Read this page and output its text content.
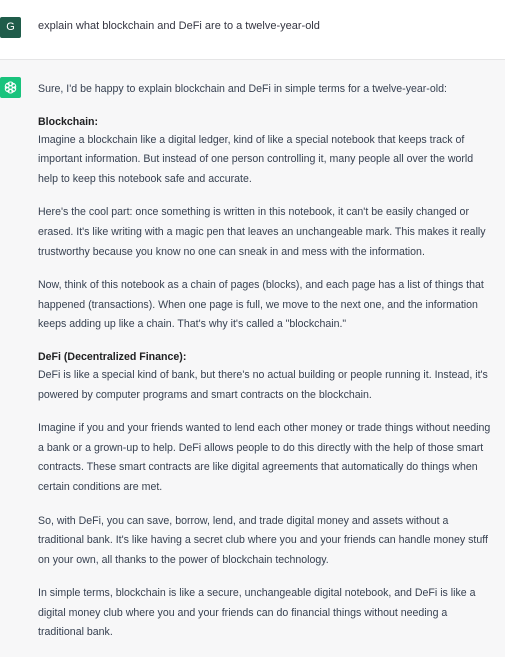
G	explain what blockchain and DeFi are to a twelve-year-old

Sure, I'd be happy to explain blockchain and DeFi in simple terms for a twelve-year-old:

Blockchain:

Imagine a blockchain like a digital ledger, kind of like a special notebook that keeps track of important information. But instead of one person controlling it, many people all over the world help to keep this notebook safe and accurate.

Here's the cool part: once something is written in this notebook, it can't be easily changed or erased. It's like writing with a magic pen that leaves an unchangeable mark. This makes it really trustworthy because you know no one can sneak in and mess with the information.

Now, think of this notebook as a chain of pages (blocks), and each page has a list of things that happened (transactions). When one page is full, we move to the next one, and the information keeps adding up like a chain. That's why it's called a "blockchain."

DeFi (Decentralized Finance):

DeFi is like a special kind of bank, but there's no actual building or people running it. Instead, it's powered by computer programs and smart contracts on the blockchain.

Imagine if you and your friends wanted to lend each other money or trade things without needing a bank or a grown-up to help. DeFi allows people to do this directly with the help of those smart contracts. These smart contracts are like digital agreements that automatically do things when certain conditions are met.

So, with DeFi, you can save, borrow, lend, and trade digital money and assets without a traditional bank. It's like having a secret club where you and your friends can handle money stuff on your own, all thanks to the power of blockchain technology.

In simple terms, blockchain is like a secure, unchangeable digital notebook, and DeFi is like a digital money club where you and your friends can do financial things without needing a traditional bank.
